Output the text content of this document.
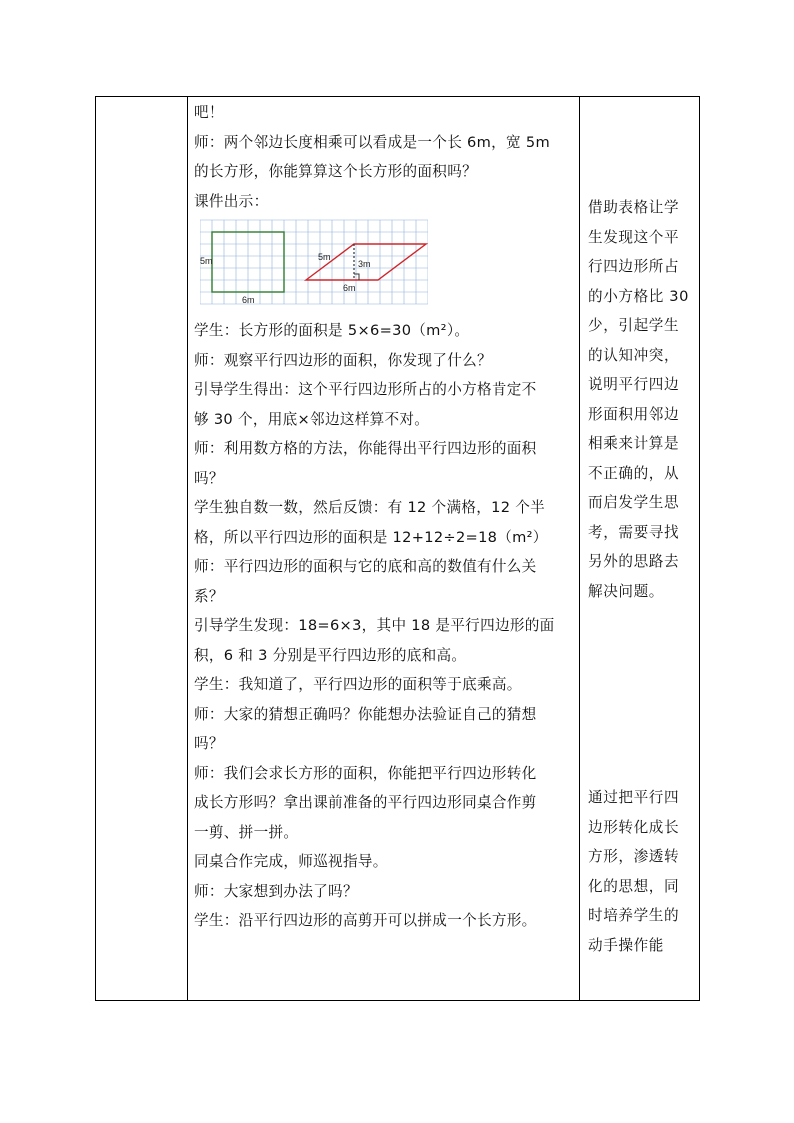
吧！
师：两个邻边长度相乘可以看成是一个长 6m，宽 5m
的长方形，你能算算这个长方形的面积吗？
课件出示：
5m
6m
5m
3m
6m
学生：长方形的面积是 5×6=30（m²）。
师：观察平行四边形的面积，你发现了什么？
引导学生得出：这个平行四边形所占的小方格肯定不
够 30 个，用底×邻边这样算不对。
师：利用数方格的方法，你能得出平行四边形的面积
吗？
学生独自数一数，然后反馈：有 12 个满格，12 个半
格，所以平行四边形的面积是 12+12÷2=18（m²）
师：平行四边形的面积与它的底和高的数值有什么关
系？
引导学生发现：18=6×3，其中 18 是平行四边形的面
积，6 和 3 分别是平行四边形的底和高。
学生：我知道了，平行四边形的面积等于底乘高。
师：大家的猜想正确吗？你能想办法验证自己的猜想
吗？
师：我们会求长方形的面积，你能把平行四边形转化
成长方形吗？拿出课前准备的平行四边形同桌合作剪
一剪、拼一拼。
同桌合作完成，师巡视指导。
师：大家想到办法了吗？
学生：沿平行四边形的高剪开可以拼成一个长方形。
借助表格让学
生发现这个平
行四边形所占
的小方格比 30
少，引起学生
的认知冲突，
说明平行四边
形面积用邻边
相乘来计算是
不正确的，从
而启发学生思
考，需要寻找
另外的思路去
解决问题。
通过把平行四
边形转化成长
方形，渗透转
化的思想，同
时培养学生的
动手操作能
